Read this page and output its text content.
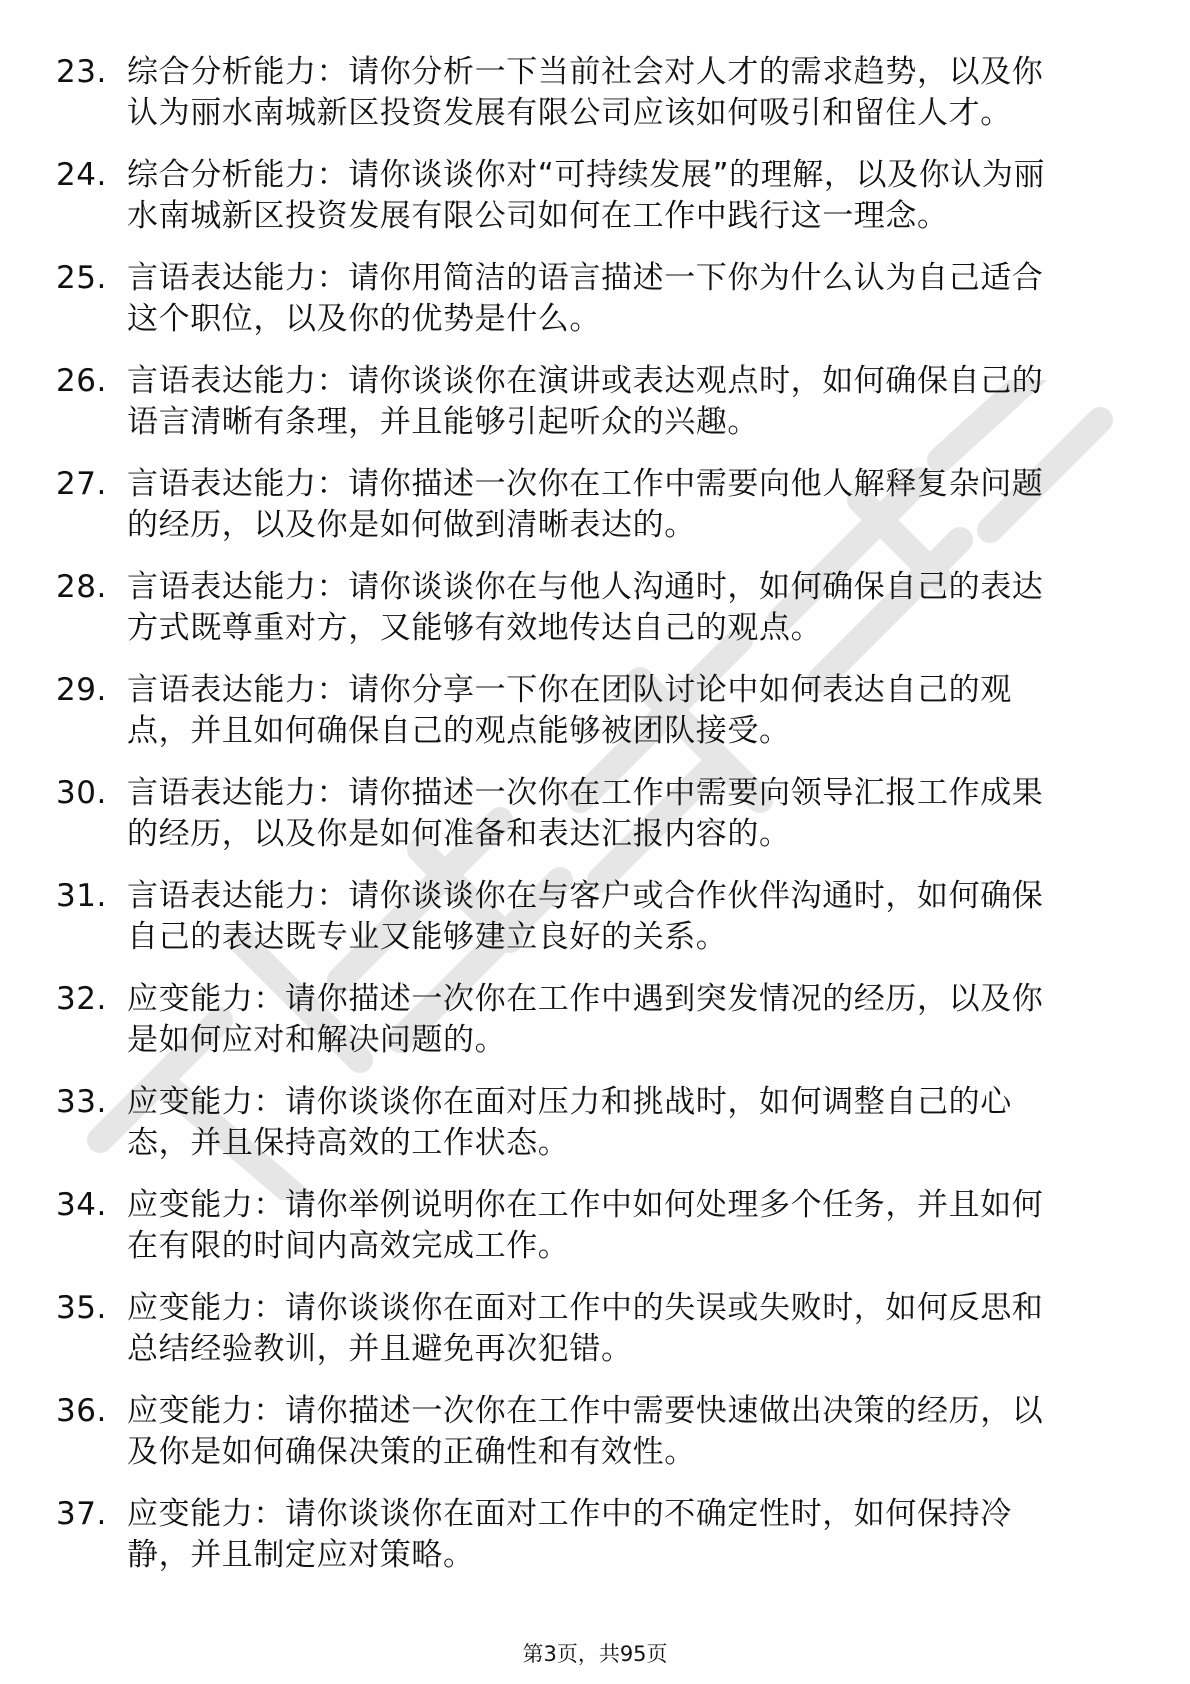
23. 综合分析能力：请你分析一下当前社会对人才的需求趋势，以及你认为丽水南城新区投资发展有限公司应该如何吸引和留住人才。
24. 综合分析能力：请你谈谈你对“可持续发展”的理解，以及你认为丽水南城新区投资发展有限公司如何在工作中践行这一理念。
25. 言语表达能力：请你用简洁的语言描述一下你为什么认为自己适合这个职位，以及你的优势是什么。
26. 言语表达能力：请你谈谈你在演讲或表达观点时，如何确保自己的语言清晰有条理，并且能够引起听众的兴趣。
27. 言语表达能力：请你描述一次你在工作中需要向他人解释复杂问题的经历，以及你是如何做到清晰表达的。
28. 言语表达能力：请你谈谈你在与他人沟通时，如何确保自己的表达方式既尊重对方，又能够有效地传达自己的观点。
29. 言语表达能力：请你分享一下你在团队讨论中如何表达自己的观点，并且如何确保自己的观点能够被团队接受。
30. 言语表达能力：请你描述一次你在工作中需要向领导汇报工作成果的经历，以及你是如何准备和表达汇报内容的。
31. 言语表达能力：请你谈谈你在与客户或合作伙伴沟通时，如何确保自己的表达既专业又能够建立良好的关系。
32. 应变能力：请你描述一次你在工作中遇到突发情况的经历，以及你是如何应对和解决问题的。
33. 应变能力：请你谈谈你在面对压力和挑战时，如何调整自己的心态，并且保持高效的工作状态。
34. 应变能力：请你举例说明你在工作中如何处理多个任务，并且如何在有限的时间内高效完成工作。
35. 应变能力：请你谈谈你在面对工作中的失误或失败时，如何反思和总结经验教训，并且避免再次犯错。
36. 应变能力：请你描述一次你在工作中需要快速做出决策的经历，以及你是如何确保决策的正确性和有效性。
37. 应变能力：请你谈谈你在面对工作中的不确定性时，如何保持冷静，并且制定应对策略。
第3页，共95页
